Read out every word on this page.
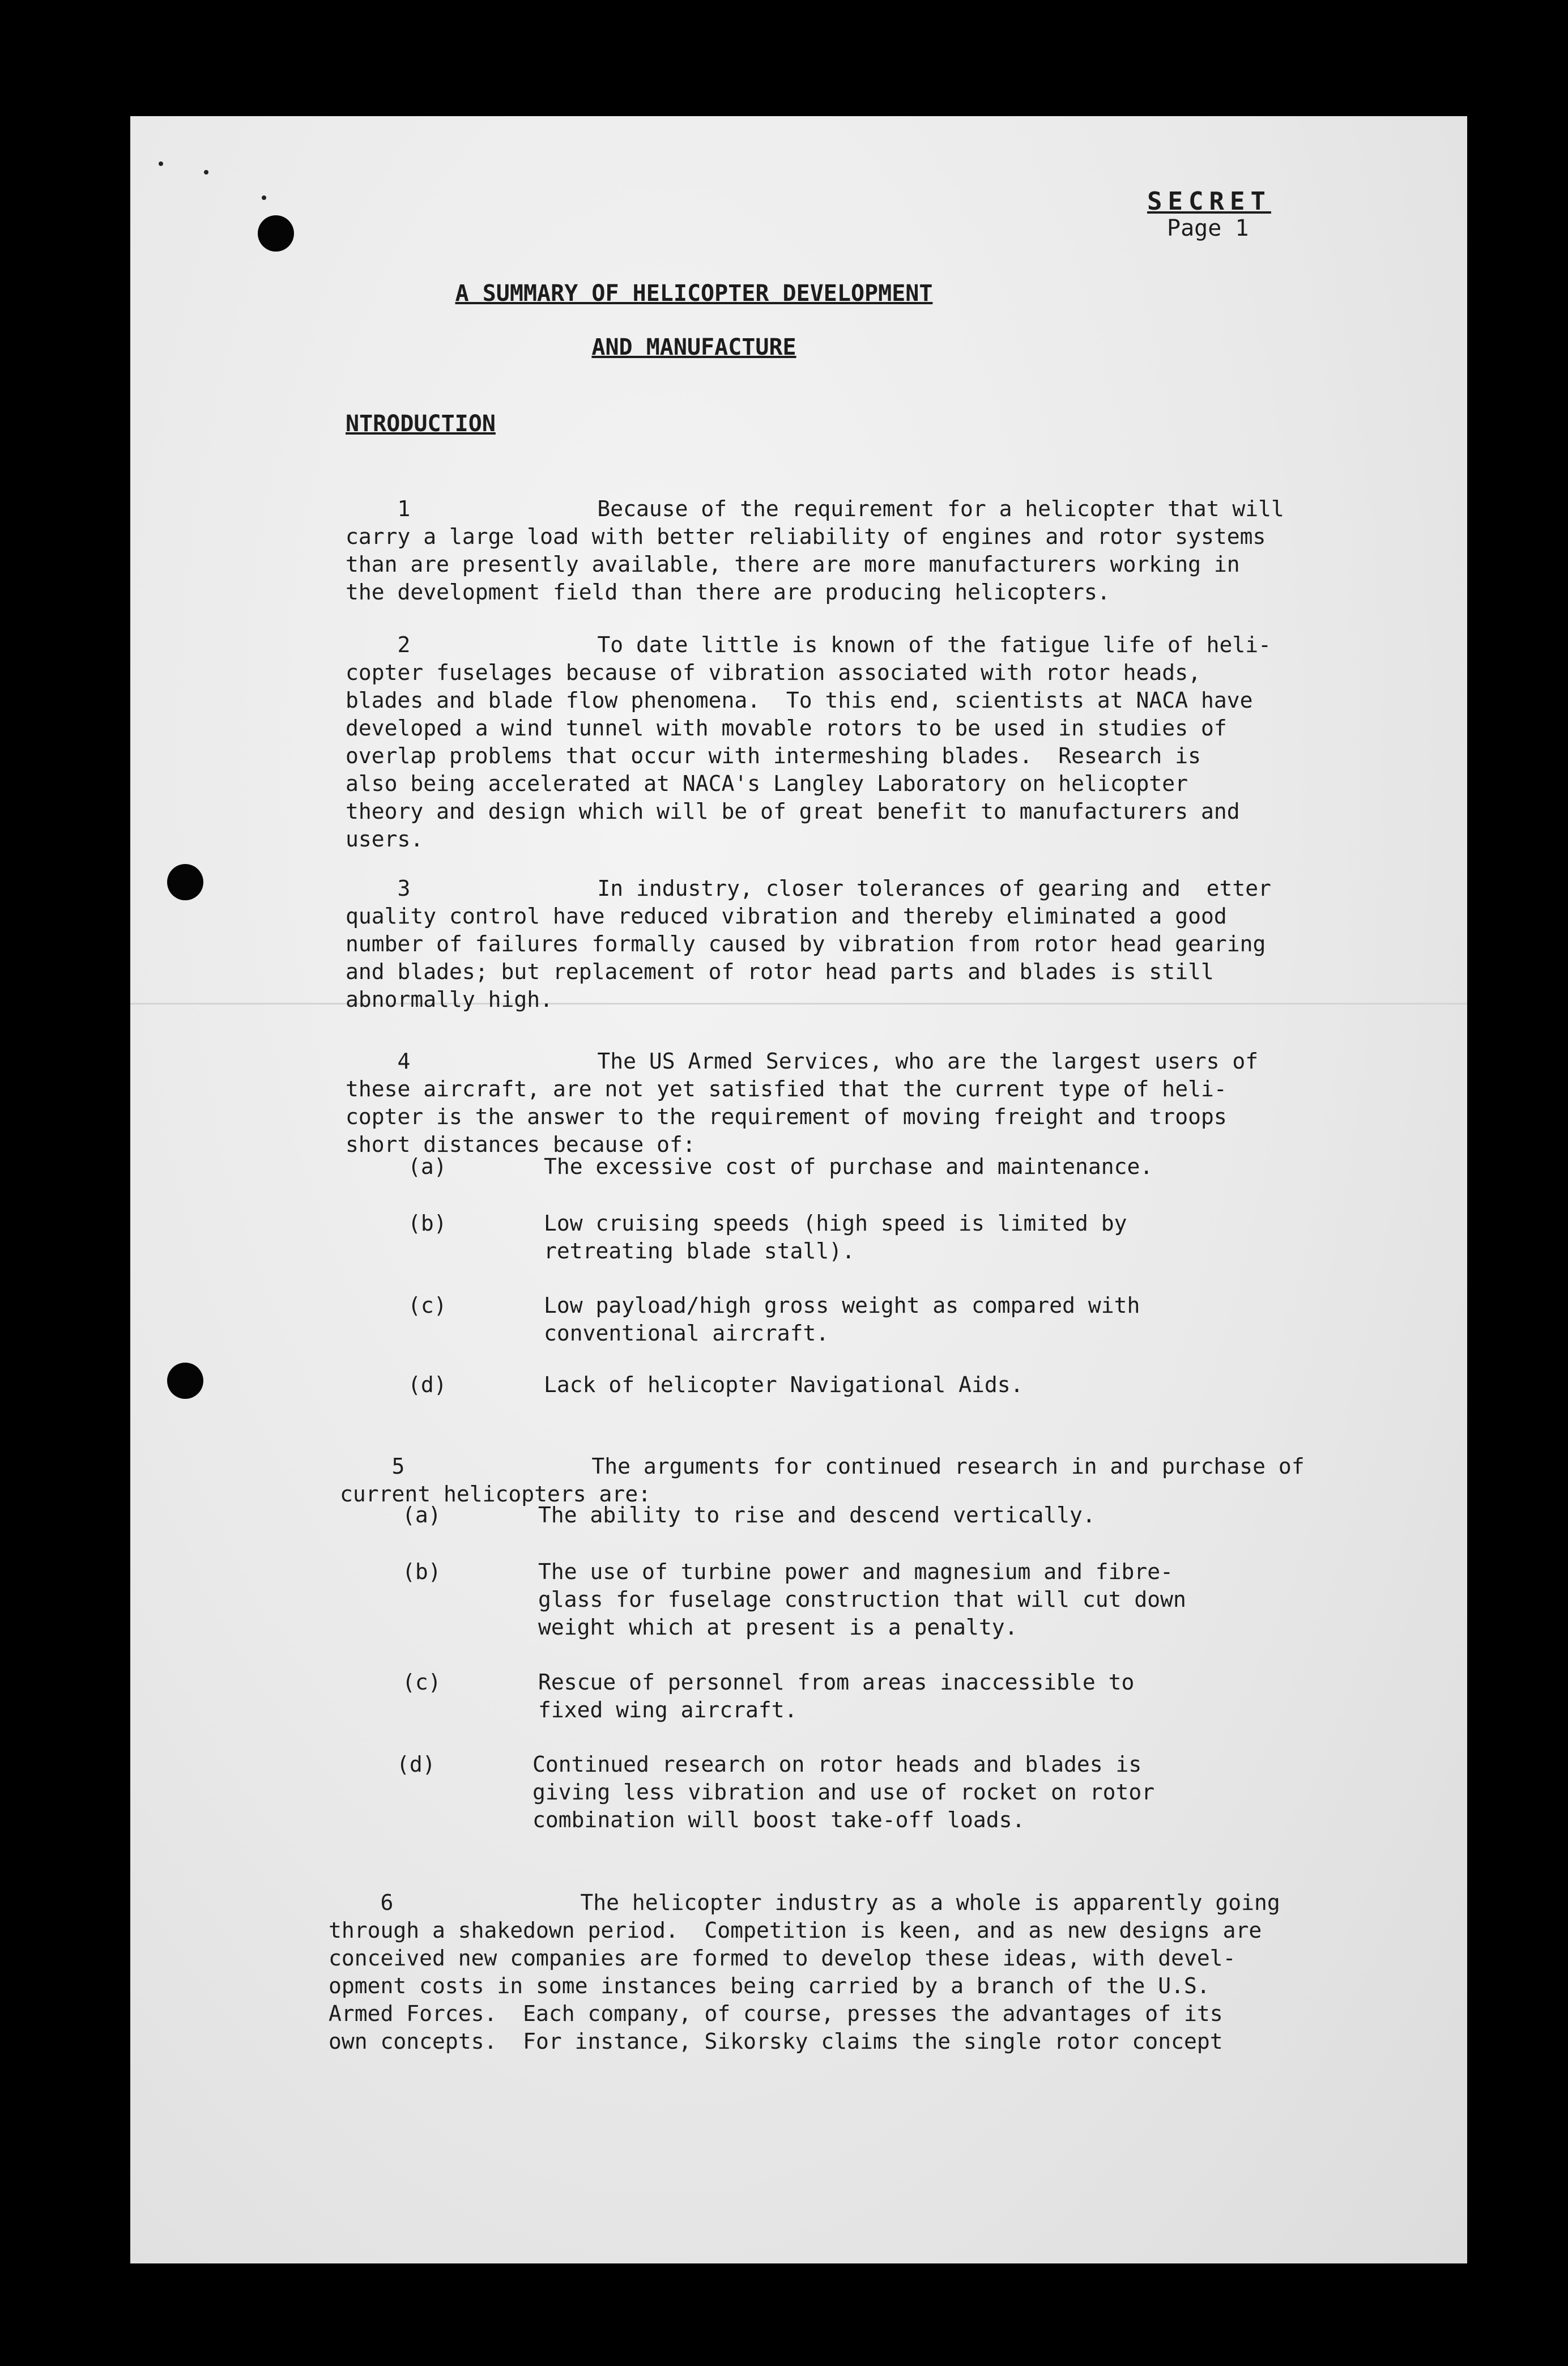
SECRET
Page 1
A SUMMARY OF HELICOPTER DEVELOPMENT
AND MANUFACTURE
NTRODUCTION

1	Because of the requirement for a helicopter that will
carry a large load with better reliability of engines and rotor systems
than are presently available, there are more manufacturers working in
the development field than there are producing helicopters.

2	To date little is known of the fatigue life of heli-
copter fuselages because of vibration associated with rotor heads,
blades and blade flow phenomena.  To this end, scientists at NACA have
developed a wind tunnel with movable rotors to be used in studies of
overlap problems that occur with intermeshing blades.  Research is
also being accelerated at NACA's Langley Laboratory on helicopter
theory and design which will be of great benefit to manufacturers and
users.

3	In industry, closer tolerances of gearing and  etter
quality control have reduced vibration and thereby eliminated a good
number of failures formally caused by vibration from rotor head gearing
and blades; but replacement of rotor head parts and blades is still
abnormally high.

4	The US Armed Services, who are the largest users of
these aircraft, are not yet satisfied that the current type of heli-
copter is the answer to the requirement of moving freight and troops
short distances because of:

(a)	The excessive cost of purchase and maintenance.
(b)	Low cruising speeds (high speed is limited by
retreating blade stall).
(c)	Low payload/high gross weight as compared with
conventional aircraft.
(d)	Lack of helicopter Navigational Aids.

5	The arguments for continued research in and purchase of
current helicopters are:

(a)	The ability to rise and descend vertically.
(b)	The use of turbine power and magnesium and fibre-
glass for fuselage construction that will cut down
weight which at present is a penalty.
(c)	Rescue of personnel from areas inaccessible to
fixed wing aircraft.
(d)	Continued research on rotor heads and blades is
giving less vibration and use of rocket on rotor
combination will boost take-off loads.

6	The helicopter industry as a whole is apparently going
through a shakedown period.  Competition is keen, and as new designs are
conceived new companies are formed to develop these ideas, with devel-
opment costs in some instances being carried by a branch of the U.S.
Armed Forces.  Each company, of course, presses the advantages of its
own concepts.  For instance, Sikorsky claims the single rotor concept
